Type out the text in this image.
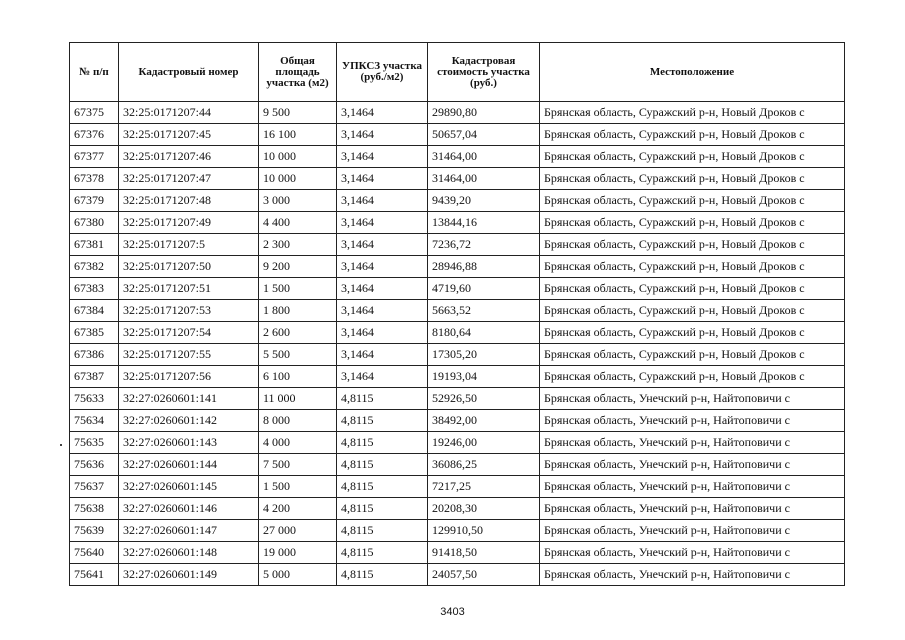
№ п/п	Кадастровый номер	Общая площадь участка (м2)	УПКСЗ участка (руб./м2)	Кадастровая стоимость участка (руб.)	Местоположение
67375	32:25:0171207:44	9 500	3,1464	29890,80	Брянская область, Суражский р-н, Новый Дроков с
67376	32:25:0171207:45	16 100	3,1464	50657,04	Брянская область, Суражский р-н, Новый Дроков с
67377	32:25:0171207:46	10 000	3,1464	31464,00	Брянская область, Суражский р-н, Новый Дроков с
67378	32:25:0171207:47	10 000	3,1464	31464,00	Брянская область, Суражский р-н, Новый Дроков с
67379	32:25:0171207:48	3 000	3,1464	9439,20	Брянская область, Суражский р-н, Новый Дроков с
67380	32:25:0171207:49	4 400	3,1464	13844,16	Брянская область, Суражский р-н, Новый Дроков с
67381	32:25:0171207:5	2 300	3,1464	7236,72	Брянская область, Суражский р-н, Новый Дроков с
67382	32:25:0171207:50	9 200	3,1464	28946,88	Брянская область, Суражский р-н, Новый Дроков с
67383	32:25:0171207:51	1 500	3,1464	4719,60	Брянская область, Суражский р-н, Новый Дроков с
67384	32:25:0171207:53	1 800	3,1464	5663,52	Брянская область, Суражский р-н, Новый Дроков с
67385	32:25:0171207:54	2 600	3,1464	8180,64	Брянская область, Суражский р-н, Новый Дроков с
67386	32:25:0171207:55	5 500	3,1464	17305,20	Брянская область, Суражский р-н, Новый Дроков с
67387	32:25:0171207:56	6 100	3,1464	19193,04	Брянская область, Суражский р-н, Новый Дроков с
75633	32:27:0260601:141	11 000	4,8115	52926,50	Брянская область, Унечский р-н, Найтоповичи с
75634	32:27:0260601:142	8 000	4,8115	38492,00	Брянская область, Унечский р-н, Найтоповичи с
75635	32:27:0260601:143	4 000	4,8115	19246,00	Брянская область, Унечский р-н, Найтоповичи с
75636	32:27:0260601:144	7 500	4,8115	36086,25	Брянская область, Унечский р-н, Найтоповичи с
75637	32:27:0260601:145	1 500	4,8115	7217,25	Брянская область, Унечский р-н, Найтоповичи с
75638	32:27:0260601:146	4 200	4,8115	20208,30	Брянская область, Унечский р-н, Найтоповичи с
75639	32:27:0260601:147	27 000	4,8115	129910,50	Брянская область, Унечский р-н, Найтоповичи с
75640	32:27:0260601:148	19 000	4,8115	91418,50	Брянская область, Унечский р-н, Найтоповичи с
75641	32:27:0260601:149	5 000	4,8115	24057,50	Брянская область, Унечский р-н, Найтоповичи с
3403
